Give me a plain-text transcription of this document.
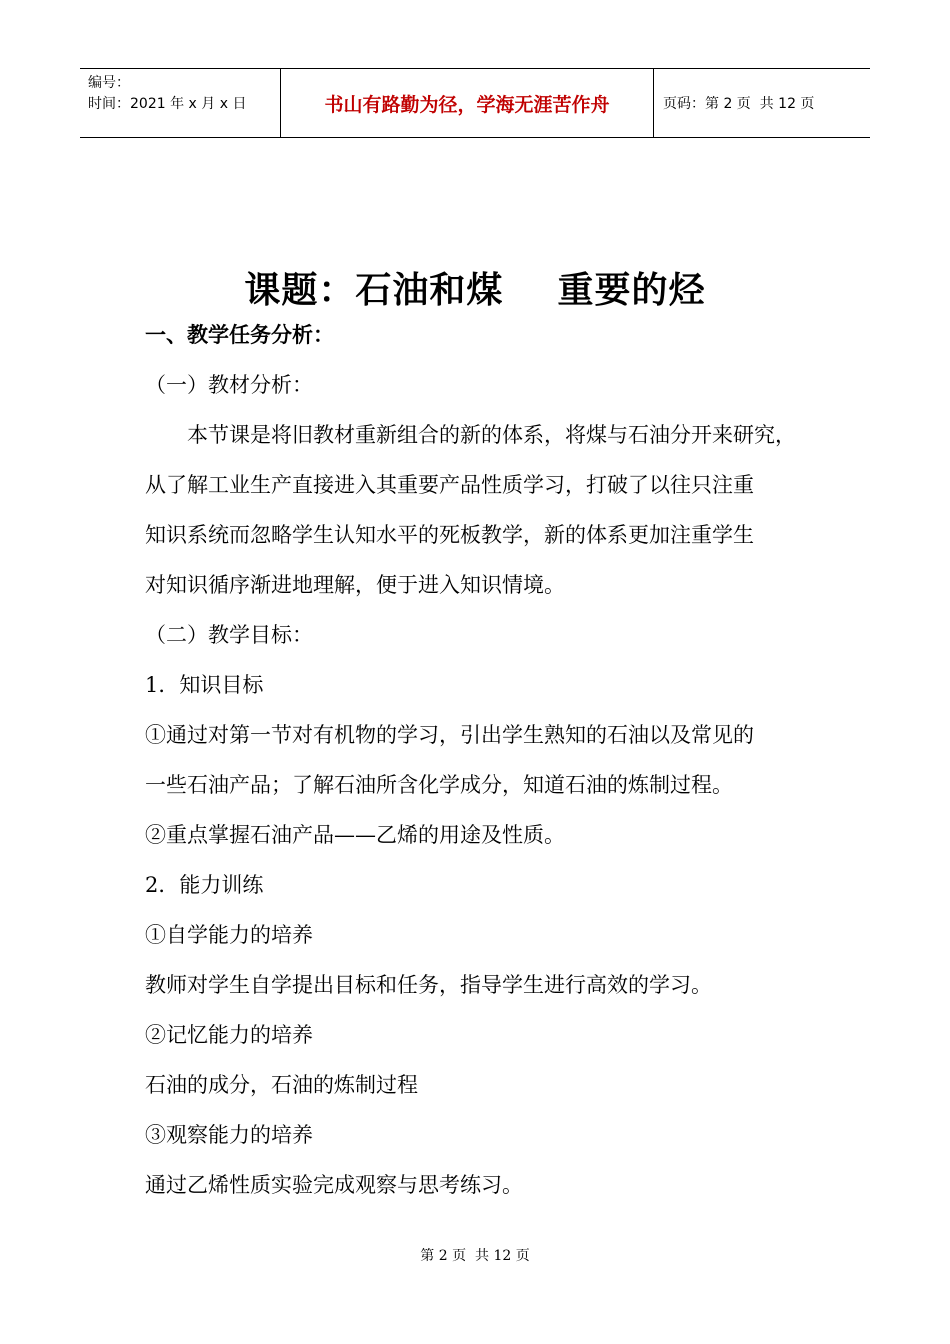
编号：
时间：2021 年 x 月 x 日	书山有路勤为径，学海无涯苦作舟	页码：第 2 页  共 12 页
课题：石油和煤    重要的烃
一、教学任务分析：
（一）教材分析：
本节课是将旧教材重新组合的新的体系，将煤与石油分开来研究，
从了解工业生产直接进入其重要产品性质学习，打破了以往只注重
知识系统而忽略学生认知水平的死板教学，新的体系更加注重学生
对知识循序渐进地理解，便于进入知识情境。
（二）教学目标：
1．知识目标
①通过对第一节对有机物的学习，引出学生熟知的石油以及常见的
一些石油产品；了解石油所含化学成分，知道石油的炼制过程。
②重点掌握石油产品——乙烯的用途及性质。
2．能力训练
①自学能力的培养
教师对学生自学提出目标和任务，指导学生进行高效的学习。
②记忆能力的培养
石油的成分，石油的炼制过程
③观察能力的培养
通过乙烯性质实验完成观察与思考练习。
第 2 页  共 12 页
